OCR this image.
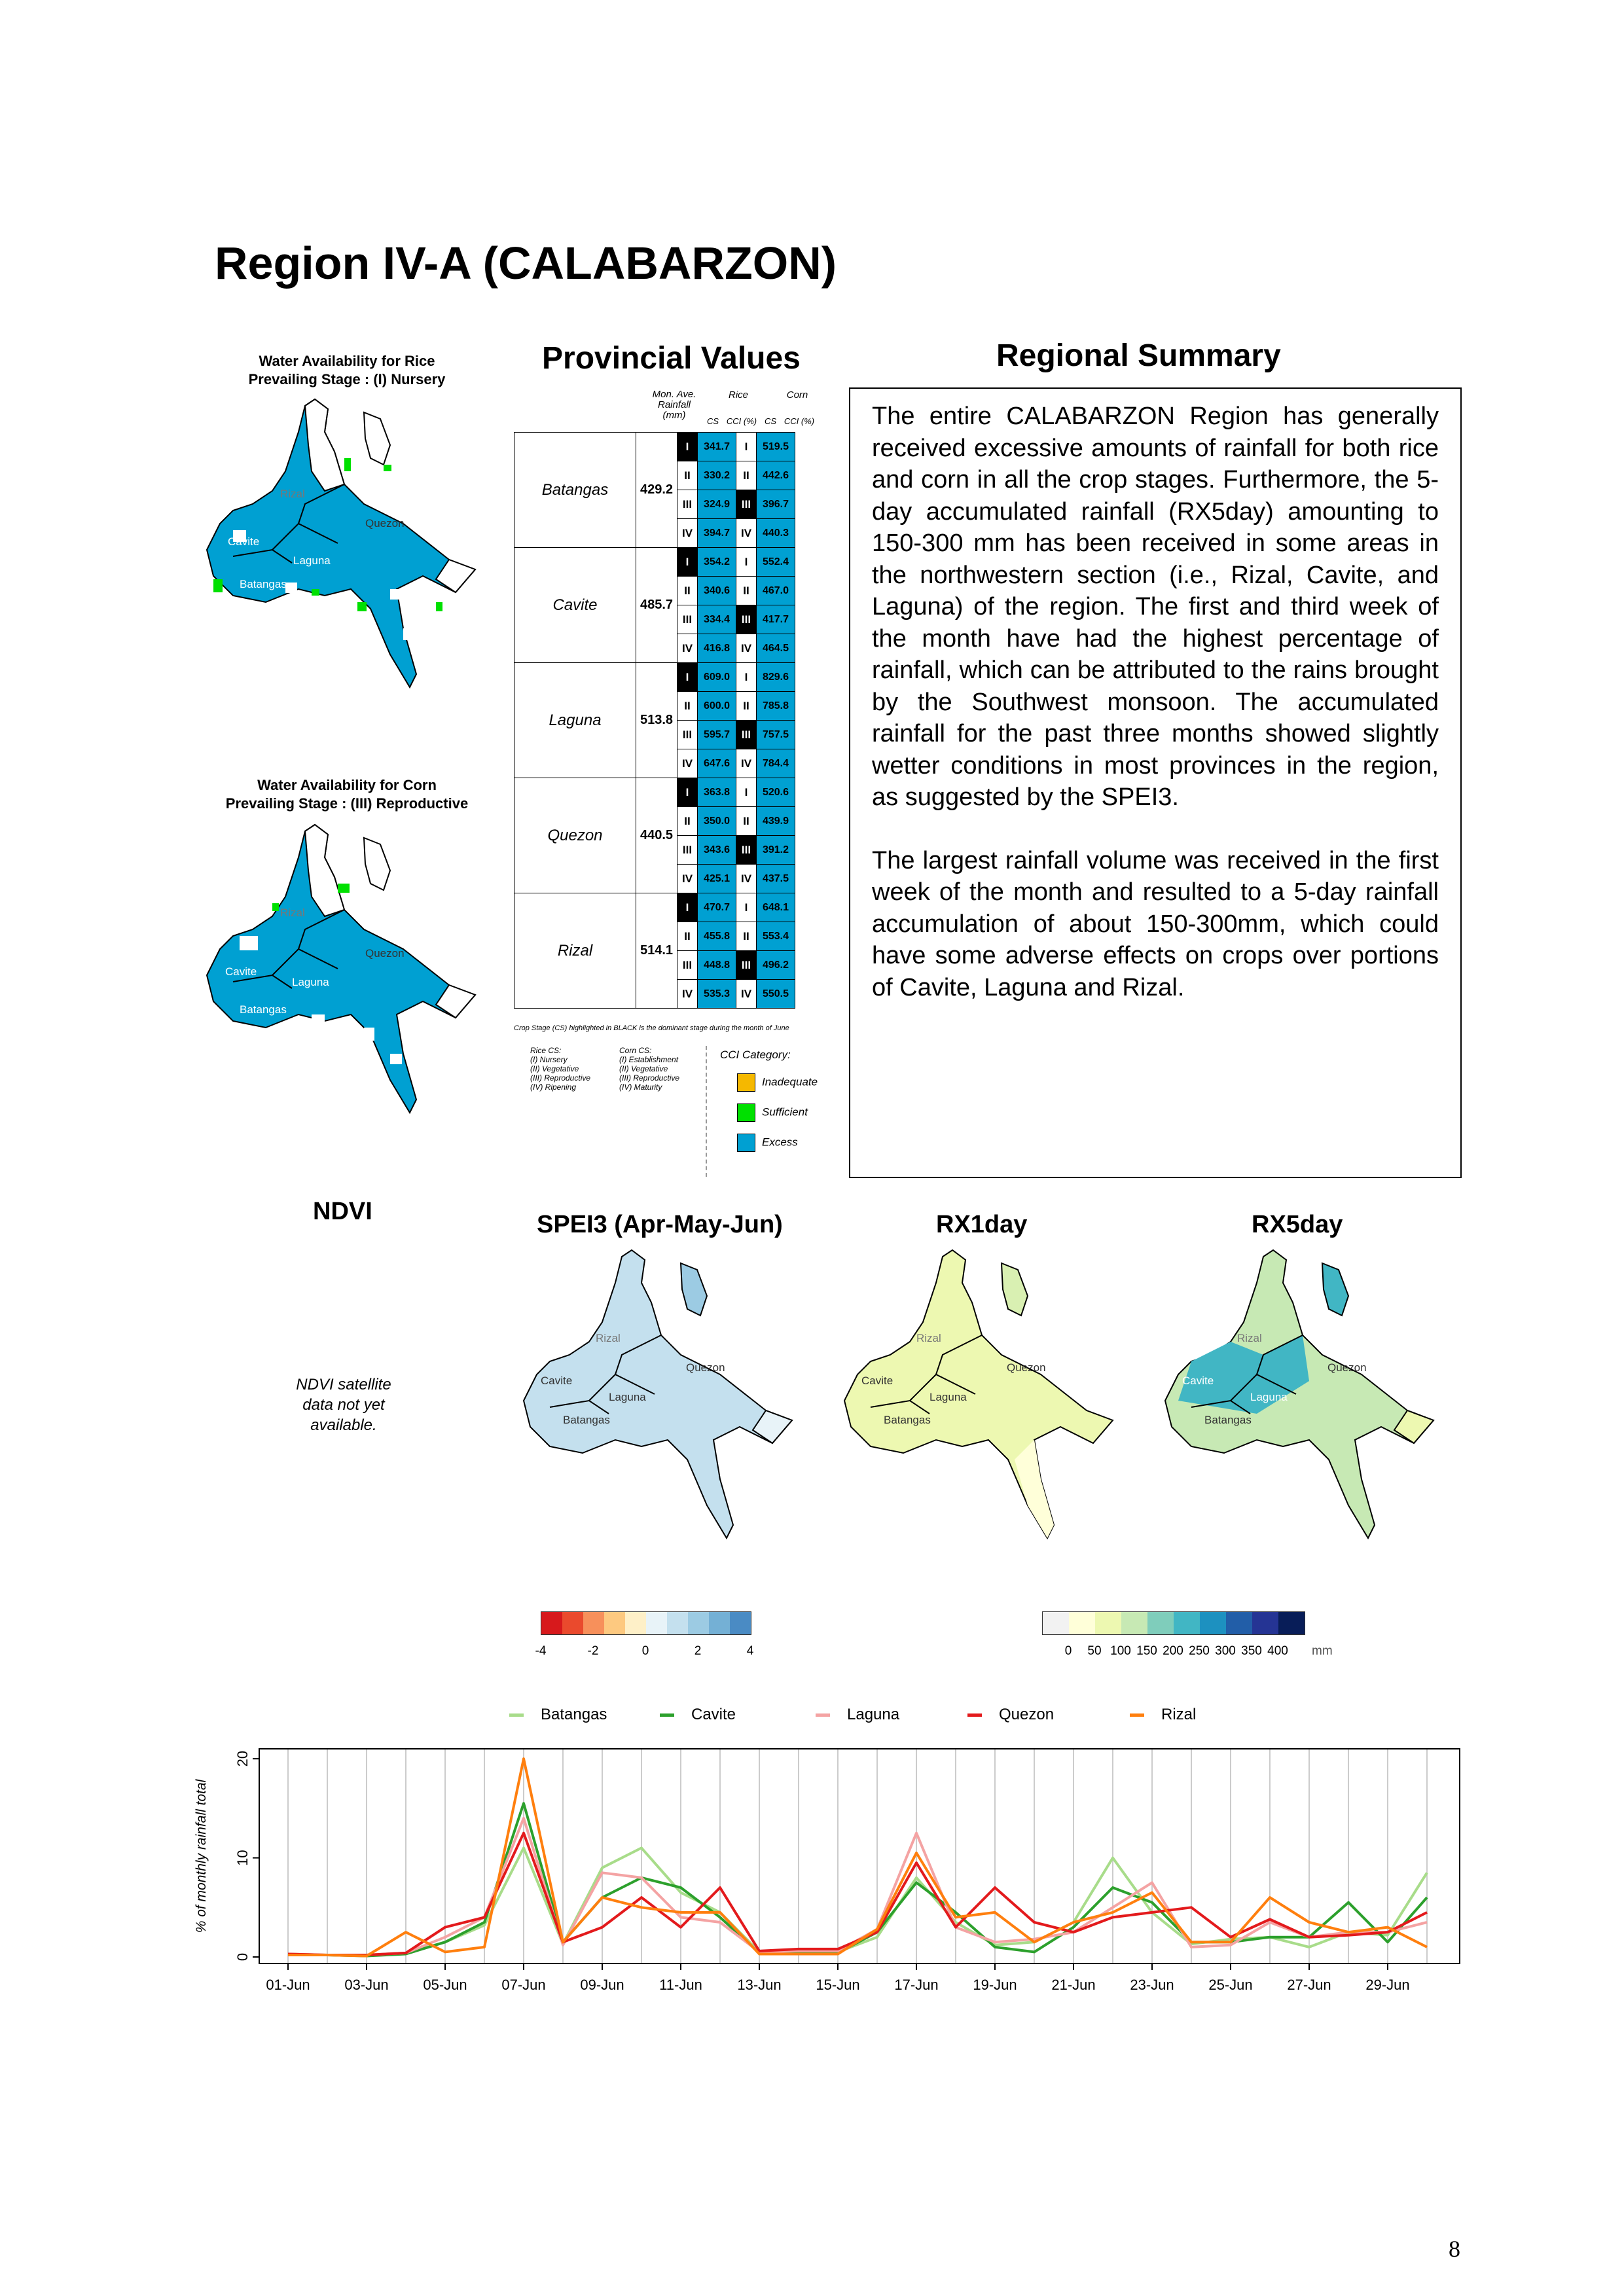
Region IV-A (CALABARZON)
Water Availability for Rice
Prevailing Stage : (I) Nursery
Rizal
Quezon
Cavite
Laguna
Batangas
Water Availability for Corn
Prevailing Stage : (III) Reproductive
Rizal
Quezon
Cavite
Laguna
Batangas
Provincial Values
Mon. Ave. Rainfall (mm)
Rice	Corn
CS CCI (%) CS CCI (%)
Batangas	429.2	I	341.7	I	519.5
		II	330.2	II	442.6
		III	324.9	III	396.7
		IV	394.7	IV	440.3
Cavite	485.7	I	354.2	I	552.4
		II	340.6	II	467.0
		III	334.4	III	417.7
		IV	416.8	IV	464.5
Laguna	513.8	I	609.0	I	829.6
		II	600.0	II	785.8
		III	595.7	III	757.5
		IV	647.6	IV	784.4
Quezon	440.5	I	363.8	I	520.6
		II	350.0	II	439.9
		III	343.6	III	391.2
		IV	425.1	IV	437.5
Rizal	514.1	I	470.7	I	648.1
		II	455.8	II	553.4
		III	448.8	III	496.2
		IV	535.3	IV	550.5
Crop Stage (CS) highlighted in BLACK is the dominant stage during the month of June
Rice CS:
(I) Nursery
(II) Vegetative
(III) Reproductive
(IV) Ripening
Corn CS:
(I) Establishment
(II) Vegetative
(III) Reproductive
(IV) Maturity
CCI Category:
Inadequate
Sufficient
Excess
Regional Summary

The entire CALABARZON Region has generally received excessive amounts of rainfall for both rice and corn in all the crop stages. Furthermore, the 5-day accumulated rainfall (RX5day) amounting to 150-300 mm has been received in some areas in the northwestern section (i.e., Rizal, Cavite, and Laguna) of the region. The first and third week of the month have had the highest percentage of rainfall, which can be attributed to the rains brought by the Southwest monsoon. The accumulated rainfall for the past three months showed slightly wetter conditions in most provinces in the region, as suggested by the SPEI3.

The largest rainfall volume was received in the first week of the month and resulted to a 5-day rainfall accumulation of about 150-300mm, which could have some adverse effects on crops over portions of Cavite, Laguna and Rizal.

NDVI
NDVI satellite
data not yet
available.
SPEI3 (Apr-May-Jun)
Rizal
Quezon
Cavite
Laguna
Batangas
RX1day
Rizal
Quezon
Cavite
Laguna
Batangas
RX5day
Rizal
Quezon
Cavite
Laguna
Batangas
-4	-2	0	2	4	0 50 100 150 200 250 300 350 400 mm
Batangas	Cavite	Laguna	Quezon	Rizal
01-Jun 03-Jun 05-Jun 07-Jun 09-Jun 11-Jun 13-Jun 15-Jun 17-Jun 19-Jun 21-Jun 23-Jun 25-Jun 27-Jun 29-Jun
0
10
20
% of monthly rainfall total
8
